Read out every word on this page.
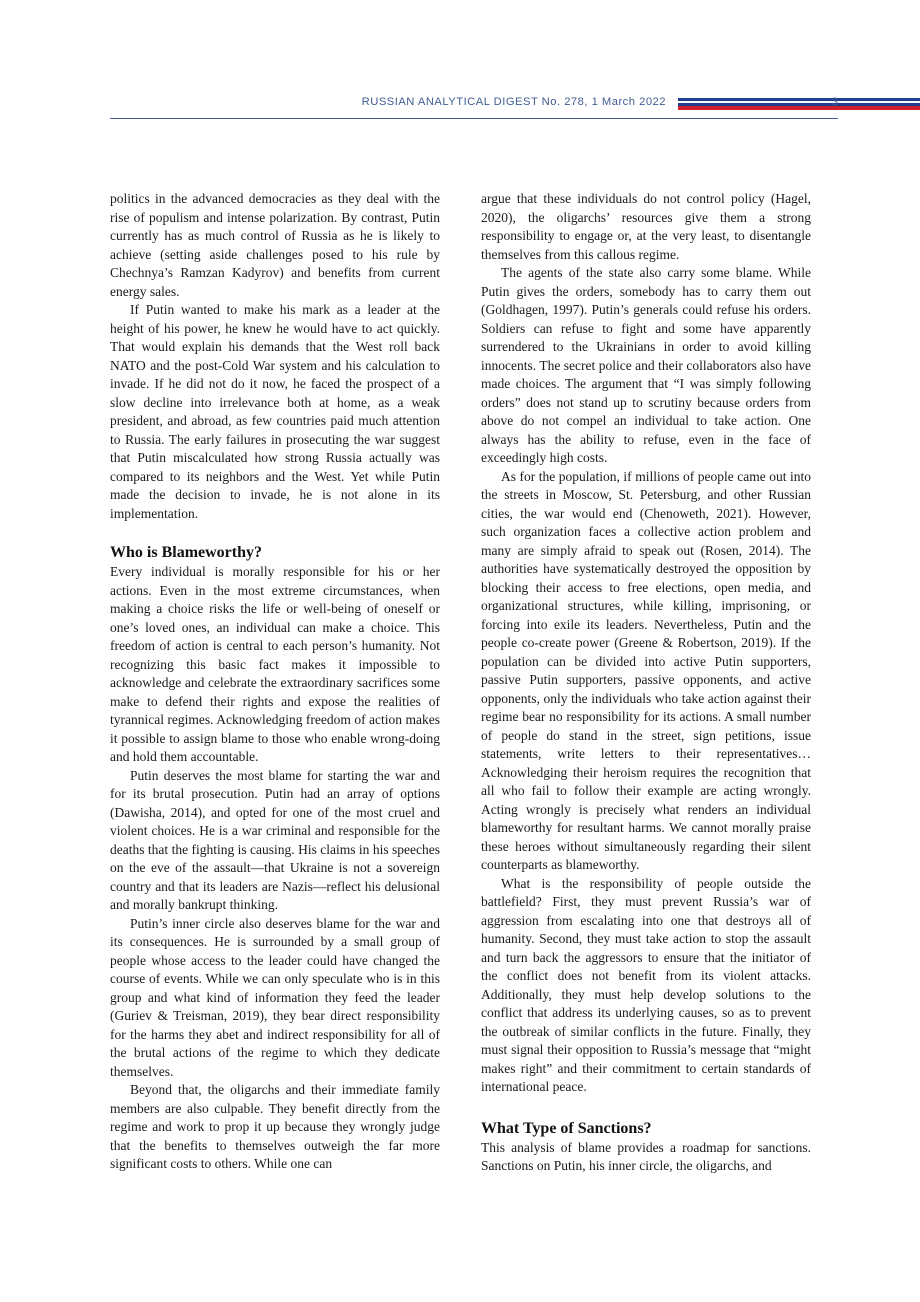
RUSSIAN ANALYTICAL DIGEST No. 278, 1 March 2022	3

politics in the advanced democracies as they deal with the rise of populism and intense polarization. By contrast, Putin currently has as much control of Russia as he is likely to achieve (setting aside challenges posed to his rule by Chechnya’s Ramzan Kadyrov) and benefits from current energy sales.

If Putin wanted to make his mark as a leader at the height of his power, he knew he would have to act quickly. That would explain his demands that the West roll back NATO and the post-Cold War system and his calculation to invade. If he did not do it now, he faced the prospect of a slow decline into irrelevance both at home, as a weak president, and abroad, as few countries paid much attention to Russia. The early failures in prosecuting the war suggest that Putin miscalculated how strong Russia actually was compared to its neighbors and the West. Yet while Putin made the decision to invade, he is not alone in its implementation.

Who is Blameworthy?

Every individual is morally responsible for his or her actions. Even in the most extreme circumstances, when making a choice risks the life or well-being of oneself or one’s loved ones, an individual can make a choice. This freedom of action is central to each person’s humanity. Not recognizing this basic fact makes it impossible to acknowledge and celebrate the extraordinary sacrifices some make to defend their rights and expose the realities of tyrannical regimes. Acknowledging freedom of action makes it possible to assign blame to those who enable wrong-doing and hold them accountable.

Putin deserves the most blame for starting the war and for its brutal prosecution. Putin had an array of options (Dawisha, 2014), and opted for one of the most cruel and violent choices. He is a war criminal and responsible for the deaths that the fighting is causing. His claims in his speeches on the eve of the assault—that Ukraine is not a sovereign country and that its leaders are Nazis—reflect his delusional and morally bankrupt thinking.

Putin’s inner circle also deserves blame for the war and its consequences. He is surrounded by a small group of people whose access to the leader could have changed the course of events. While we can only speculate who is in this group and what kind of information they feed the leader (Guriev & Treisman, 2019), they bear direct responsibility for the harms they abet and indirect responsibility for all of the brutal actions of the regime to which they dedicate themselves.

Beyond that, the oligarchs and their immediate family members are also culpable. They benefit directly from the regime and work to prop it up because they wrongly judge that the benefits to themselves outweigh the far more significant costs to others. While one can

argue that these individuals do not control policy (Hagel, 2020), the oligarchs’ resources give them a strong responsibility to engage or, at the very least, to disentangle themselves from this callous regime.

The agents of the state also carry some blame. While Putin gives the orders, somebody has to carry them out (Goldhagen, 1997). Putin’s generals could refuse his orders. Soldiers can refuse to fight and some have apparently surrendered to the Ukrainians in order to avoid killing innocents. The secret police and their collaborators also have made choices. The argument that “I was simply following orders” does not stand up to scrutiny because orders from above do not compel an individual to take action. One always has the ability to refuse, even in the face of exceedingly high costs.

As for the population, if millions of people came out into the streets in Moscow, St. Petersburg, and other Russian cities, the war would end (Chenoweth, 2021). However, such organization faces a collective action problem and many are simply afraid to speak out (Rosen, 2014). The authorities have systematically destroyed the opposition by blocking their access to free elections, open media, and organizational structures, while killing, imprisoning, or forcing into exile its leaders. Nevertheless, Putin and the people co-create power (Greene & Robertson, 2019). If the population can be divided into active Putin supporters, passive Putin supporters, passive opponents, and active opponents, only the individuals who take action against their regime bear no responsibility for its actions. A small number of people do stand in the street, sign petitions, issue statements, write letters to their representatives… Acknowledging their heroism requires the recognition that all who fail to follow their example are acting wrongly. Acting wrongly is precisely what renders an individual blameworthy for resultant harms. We cannot morally praise these heroes without simultaneously regarding their silent counterparts as blameworthy.

What is the responsibility of people outside the battlefield? First, they must prevent Russia’s war of aggression from escalating into one that destroys all of humanity. Second, they must take action to stop the assault and turn back the aggressors to ensure that the initiator of the conflict does not benefit from its violent attacks. Additionally, they must help develop solutions to the conflict that address its underlying causes, so as to prevent the outbreak of similar conflicts in the future. Finally, they must signal their opposition to Russia’s message that “might makes right” and their commitment to certain standards of international peace.

What Type of Sanctions?

This analysis of blame provides a roadmap for sanctions. Sanctions on Putin, his inner circle, the oligarchs, and
